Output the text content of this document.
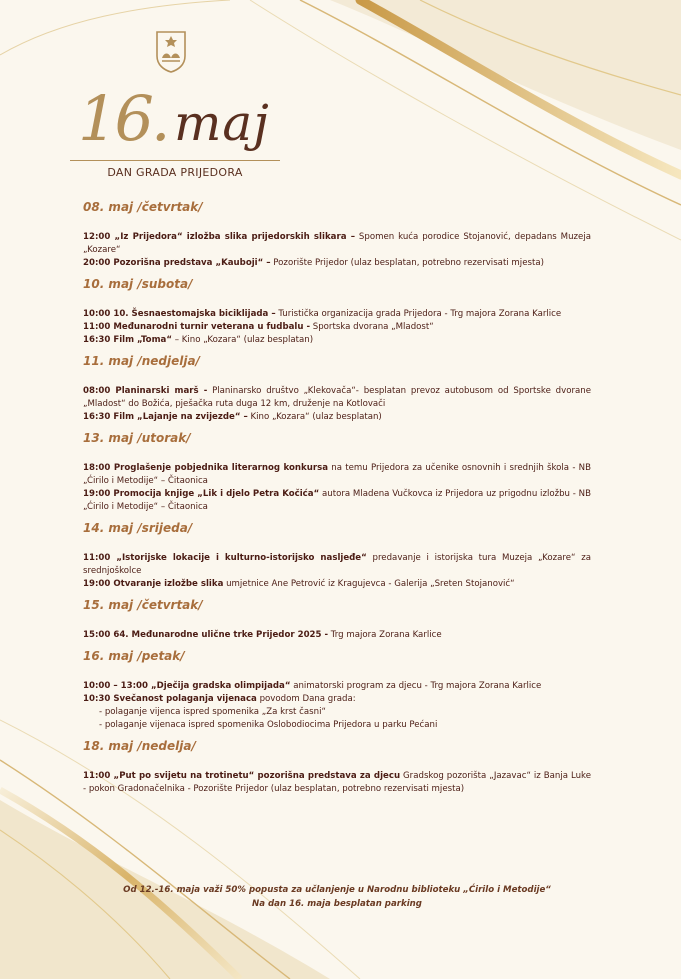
16. maj
DAN GRADA PRIJEDORA
08. maj /četvrtak/
12:00 „Iz Prijedora“ izložba slika prijedorskih slikara – Spomen kuća porodice Stojanović, depadans Muzeja „Kozare“
20:00 Pozorišna predstava „Kauboji“ – Pozorište Prijedor (ulaz besplatan, potrebno rezervisati mjesta)
10. maj /subota/
10:00 10. Šesnaestomajska biciklijada – Turistička organizacija grada Prijedora - Trg majora Zorana Karlice
11:00 Međunarodni turnir veterana u fudbalu - Sportska dvorana „Mladost“
16:30 Film „Toma“ – Kino „Kozara“ (ulaz besplatan)
11. maj /nedjelja/
08:00 Planinarski marš - Planinarsko društvo „Klekovača“- besplatan prevoz autobusom od Sportske dvorane „Mladost“ do Božića, pješačka ruta duga 12 km, druženje na Kotlovači
16:30 Film „Lajanje na zvijezde“ – Kino „Kozara“ (ulaz besplatan)
13. maj /utorak/
18:00 Proglašenje pobjednika literarnog konkursa na temu Prijedora za učenike osnovnih i srednjih škola - NB „Ćirilo i Metodije“ – Čitaonica
19:00 Promocija knjige „Lik i djelo Petra Kočića“ autora Mladena Vučkovca iz Prijedora uz prigodnu izložbu - NB „Ćirilo i Metodije“ – Čitaonica
14. maj /srijeda/
11:00 „Istorijske lokacije i kulturno-istorijsko nasljeđe“ predavanje i istorijska tura Muzeja „Kozare“ za srednjoškolce
19:00 Otvaranje izložbe slika umjetnice Ane Petrović iz Kragujevca - Galerija „Sreten Stojanović“
15. maj /četvrtak/
15:00 64. Međunarodne ulične trke Prijedor 2025 - Trg majora Zorana Karlice
16. maj /petak/
10:00 – 13:00 „Dječija gradska olimpijada“ animatorski program za djecu - Trg majora Zorana Karlice
10:30 Svečanost polaganja vijenaca povodom Dana grada:
- polaganje vijenca ispred spomenika „Za krst časni“
- polaganje vijenaca ispred spomenika Oslobodiocima Prijedora u parku Pećani
18. maj /nedelja/
11:00 „Put po svijetu na trotinetu“ pozorišna predstava za djecu Gradskog pozorišta „Jazavac“ iz Banja Luke - pokon Gradonačelnika - Pozorište Prijedor (ulaz besplatan, potrebno rezervisati mjesta)
Od 12.-16. maja važi 50% popusta za učlanjenje u Narodnu biblioteku „Ćirilo i Metodije“
Na dan 16. maja besplatan parking
